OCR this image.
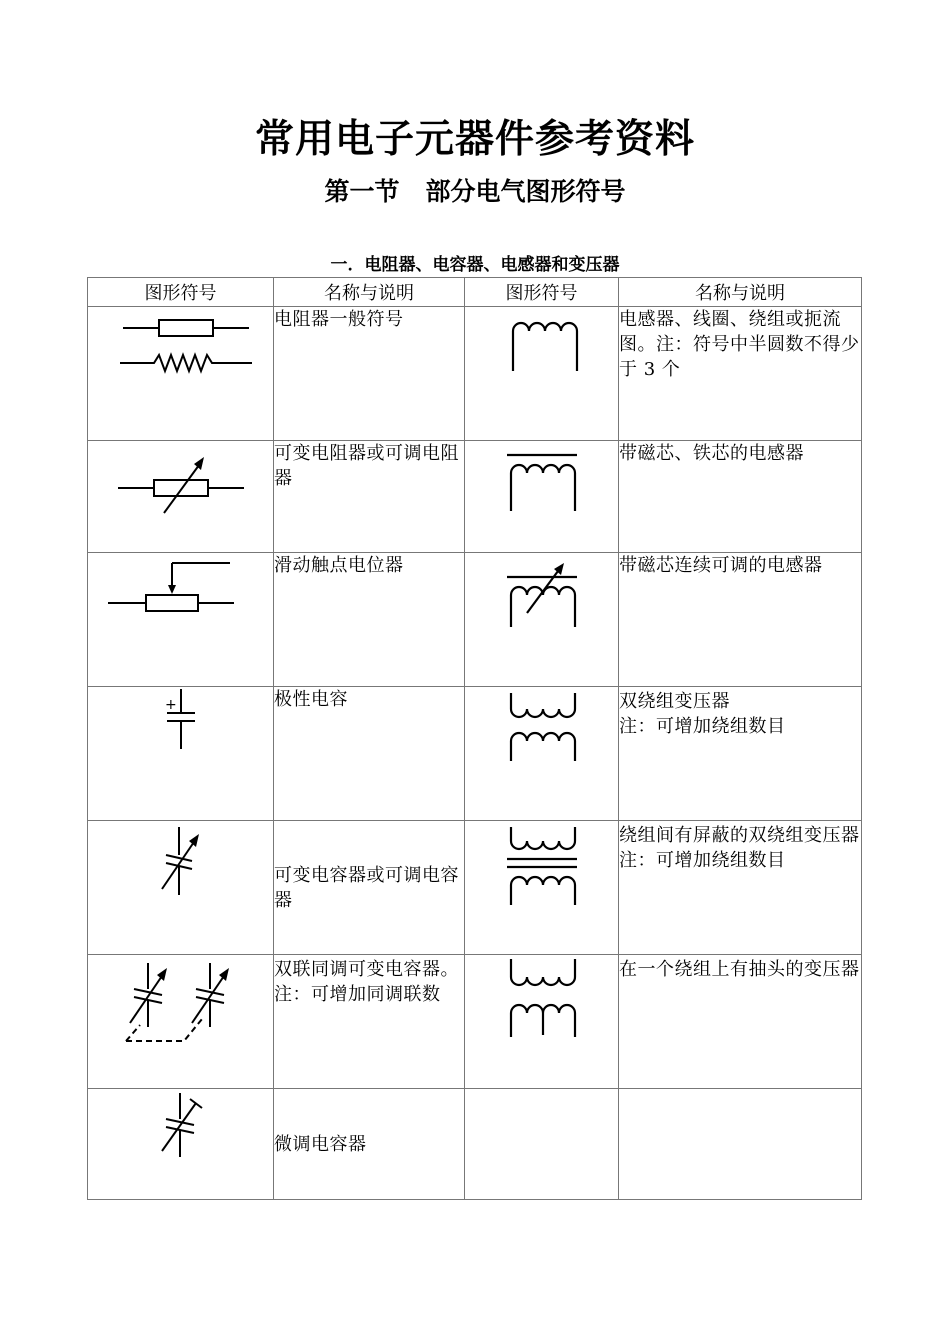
常用电子元器件参考资料
第一节   部分电气图形符号
一．电阻器、电容器、电感器和变压器
图形符号	名称与说明	图形符号	名称与说明

	电阻器一般符号		电感器、线圈、绕组或扼流图。注：符号中半圆数不得少于 3 个

	可变电阻器或可调电阻器		带磁芯、铁芯的电感器

	滑动触点电位器		带磁芯连续可调的电感器

+	极性电容		双绕组变压器
注：可增加绕组数目

	可变电容器或可调电容器		绕组间有屏蔽的双绕组变压器
注：可增加绕组数目

	双联同调可变电容器。
注：可增加同调联数		在一个绕组上有抽头的变压器

	微调电容器		
